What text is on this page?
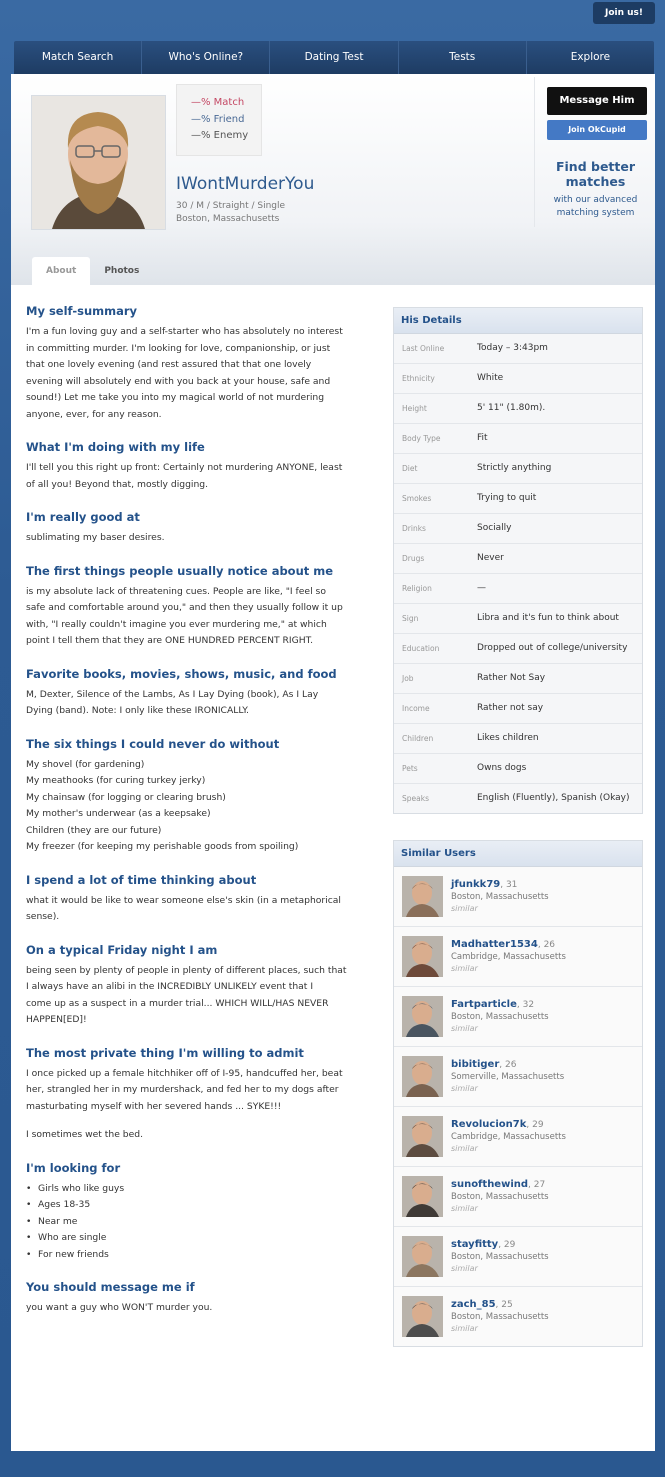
Join us!
Match Search	Who's Online?	Dating Test	Tests	Explore
—% Match
—% Friend
—% Enemy
IWontMurderYou
30 / M / Straight / Single
Boston, Massachusetts
Message Him
Join OkCupid
Find better matches
with our advanced matching system
About	Photos
My self-summary

I'm a fun loving guy and a self-starter who has absolutely no interest
in committing murder. I'm looking for love, companionship, or just
that one lovely evening (and rest assured that that one lovely
evening will absolutely end with you back at your house, safe and
sound!) Let me take you into my magical world of not murdering
anyone, ever, for any reason.

What I'm doing with my life

I'll tell you this right up front: Certainly not murdering ANYONE, least
of all you! Beyond that, mostly digging.

I'm really good at

sublimating my baser desires.

The first things people usually notice about me

is my absolute lack of threatening cues. People are like, "I feel so
safe and comfortable around you," and then they usually follow it up
with, "I really couldn't imagine you ever murdering me," at which
point I tell them that they are ONE HUNDRED PERCENT RIGHT.

Favorite books, movies, shows, music, and food

M, Dexter, Silence of the Lambs, As I Lay Dying (book), As I Lay
Dying (band). Note: I only like these IRONICALLY.

The six things I could never do without

My shovel (for gardening)
My meathooks (for curing turkey jerky)
My chainsaw (for logging or clearing brush)
My mother's underwear (as a keepsake)
Children (they are our future)
My freezer (for keeping my perishable goods from spoiling)

I spend a lot of time thinking about

what it would be like to wear someone else's skin (in a metaphorical
sense).

On a typical Friday night I am

being seen by plenty of people in plenty of different places, such that
I always have an alibi in the INCREDIBLY UNLIKELY event that I
come up as a suspect in a murder trial... WHICH WILL/HAS NEVER
HAPPEN[ED]!

The most private thing I'm willing to admit

I once picked up a female hitchhiker off of I-95, handcuffed her, beat
her, strangled her in my murdershack, and fed her to my dogs after
masturbating myself with her severed hands ... SYKE!!!

I sometimes wet the bed.

I'm looking for
• Girls who like guys
• Ages 18-35
• Near me
• Who are single
• For new friends
You should message me if

you want a guy who WON'T murder you.

His Details
Last Online	Today – 3:43pm
Ethnicity	White
Height	5' 11" (1.80m).
Body Type	Fit
Diet	Strictly anything
Smokes	Trying to quit
Drinks	Socially
Drugs	Never
Religion	—
Sign	Libra and it's fun to think about
Education	Dropped out of college/university
Job	Rather Not Say
Income	Rather not say
Children	Likes children
Pets	Owns dogs
Speaks	English (Fluently), Spanish (Okay)
Similar Users
jfunkk79, 31
Boston, Massachusetts
similar
Madhatter1534, 26
Cambridge, Massachusetts
similar
Fartparticle, 32
Boston, Massachusetts
similar
bibitiger, 26
Somerville, Massachusetts
similar
Revolucion7k, 29
Cambridge, Massachusetts
similar
sunofthewind, 27
Boston, Massachusetts
similar
stayfitty, 29
Boston, Massachusetts
similar
zach_85, 25
Boston, Massachusetts
similar
